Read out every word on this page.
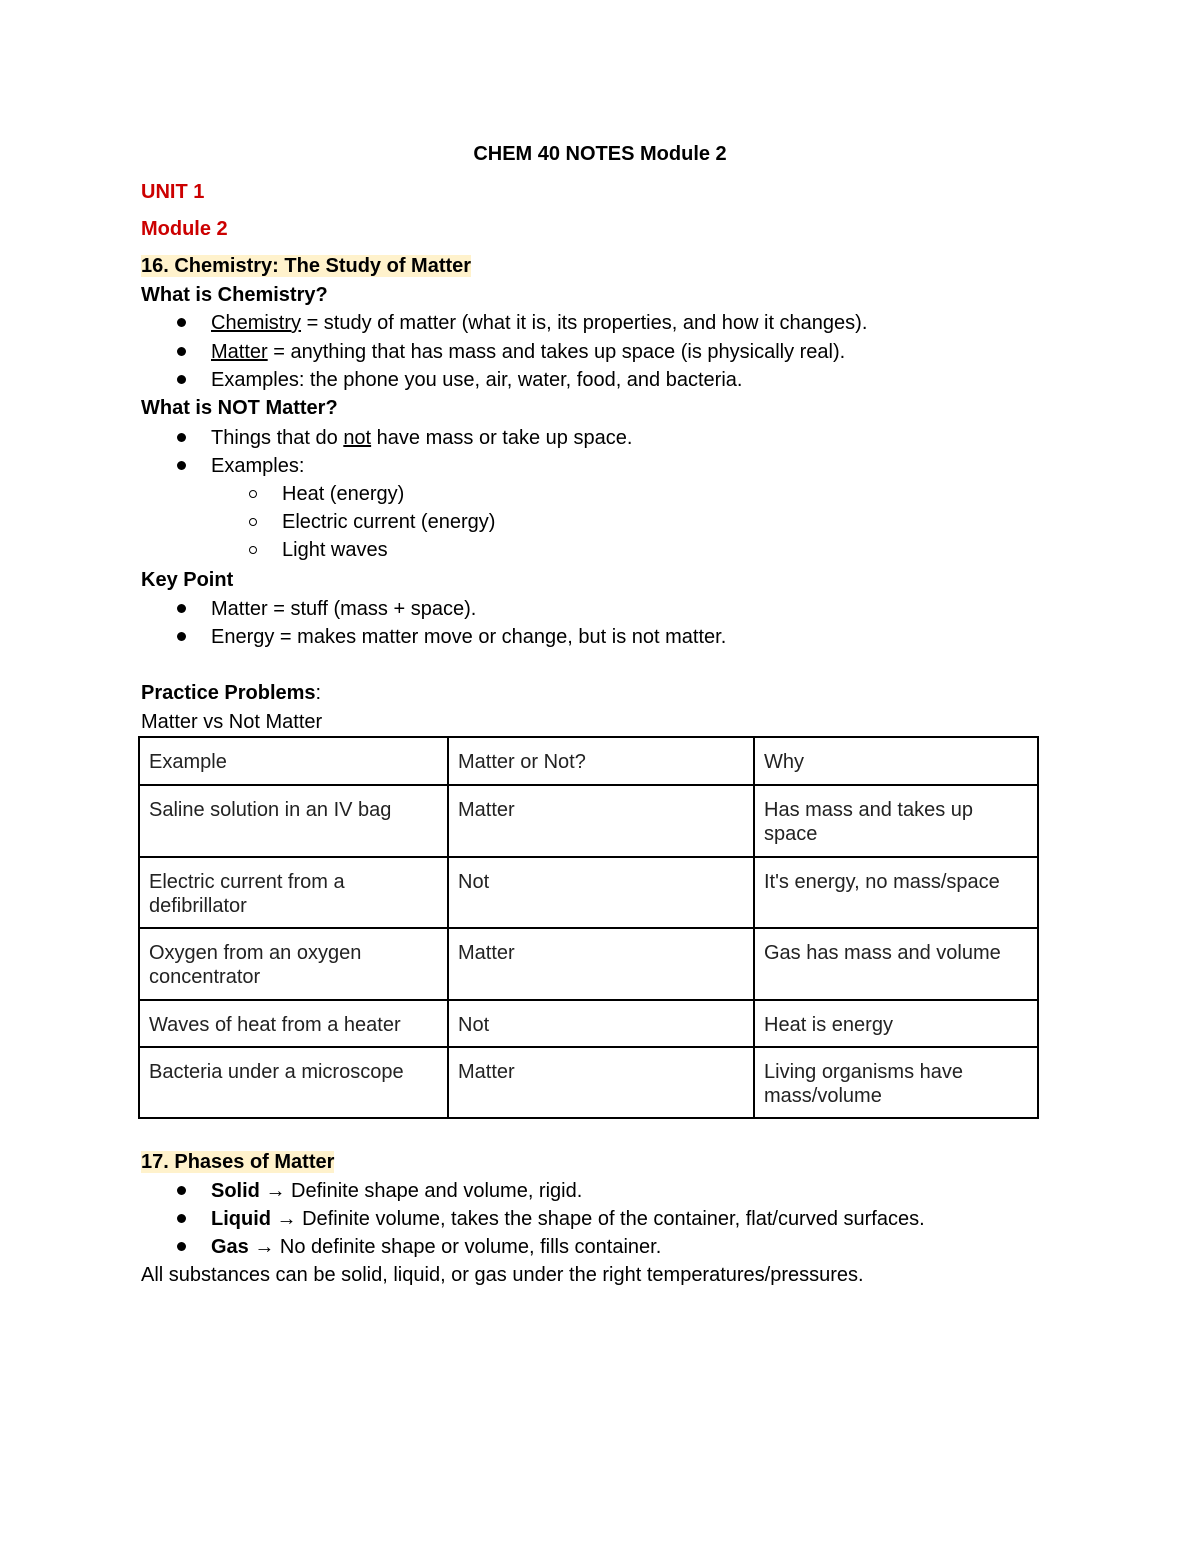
CHEM 40 NOTES Module 2
UNIT 1
Module 2
16. Chemistry: The Study of Matter
What is Chemistry?
Chemistry = study of matter (what it is, its properties, and how it changes).
Matter = anything that has mass and takes up space (is physically real).
Examples: the phone you use, air, water, food, and bacteria.
What is NOT Matter?
Things that do not have mass or take up space.
Examples:
Heat (energy)
Electric current (energy)
Light waves
Key Point
Matter = stuff (mass + space).
Energy = makes matter move or change, but is not matter.
Practice Problems:
Matter vs Not Matter
Example	Matter or Not?	Why
Saline solution in an IV bag	Matter	Has mass and takes up space
Electric current from a defibrillator	Not	It's energy, no mass/space
Oxygen from an oxygen concentrator	Matter	Gas has mass and volume
Waves of heat from a heater	Not	Heat is energy
Bacteria under a microscope	Matter	Living organisms have mass/volume
17. Phases of Matter
Solid → Definite shape and volume, rigid.
Liquid → Definite volume, takes the shape of the container, flat/curved surfaces.
Gas → No definite shape or volume, fills container.
All substances can be solid, liquid, or gas under the right temperatures/pressures.
